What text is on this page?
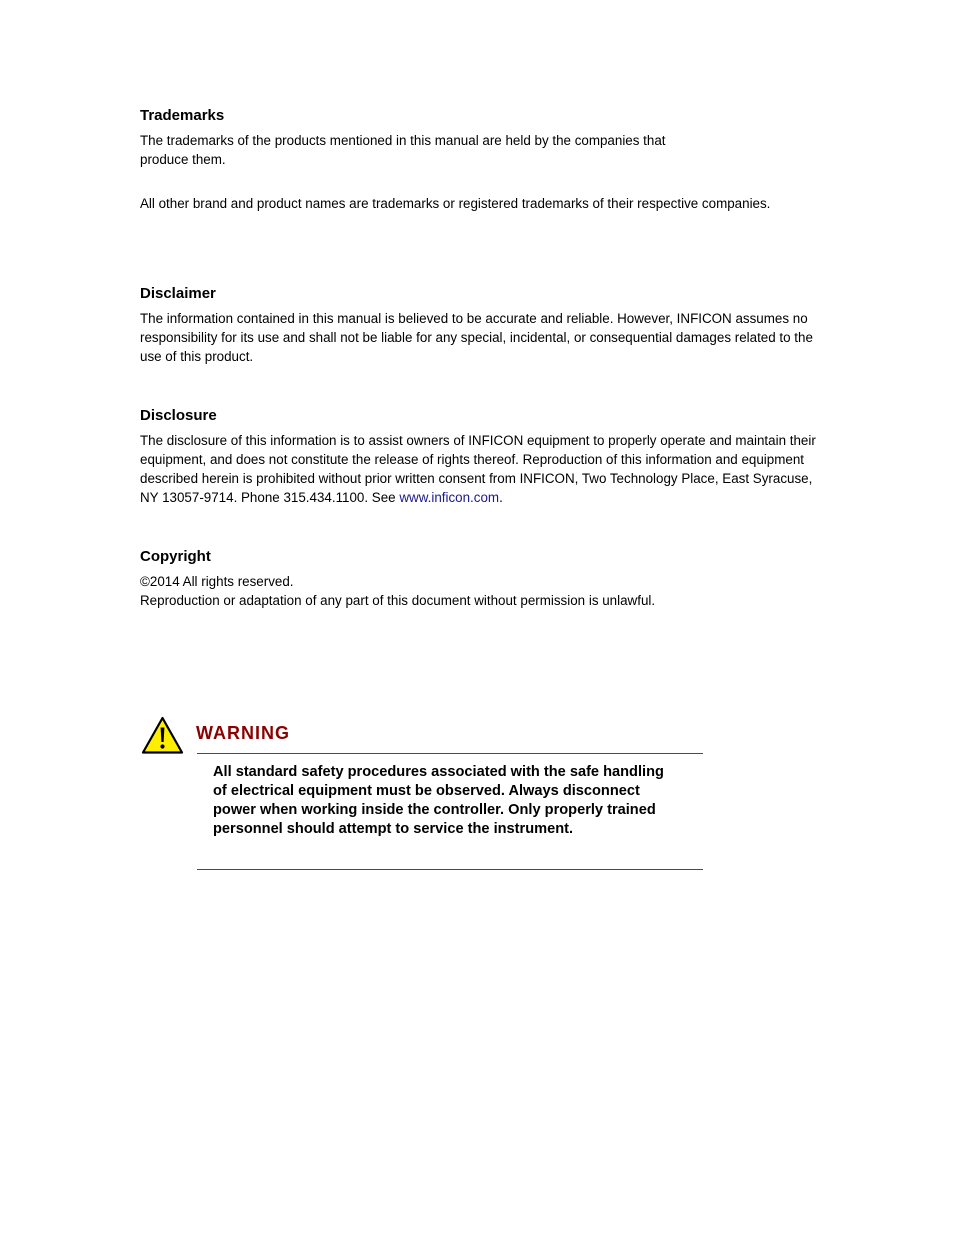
Trademarks

The trademarks of the products mentioned in this manual are held by the companies that produce them.

All other brand and product names are trademarks or registered trademarks of their respective companies.

Disclaimer

The information contained in this manual is believed to be accurate and reliable. However, INFICON assumes no responsibility for its use and shall not be liable for any special, incidental, or consequential damages related to the use of this product.

Disclosure

The disclosure of this information is to assist owners of INFICON equipment to properly operate and maintain their equipment, and does not constitute the release of rights thereof. Reproduction of this information and equipment described herein is prohibited without prior written consent from INFICON, Two Technology Place, East Syracuse, NY 13057-9714. Phone 315.434.1100. See www.inficon.com.

Copyright

©2014 All rights reserved.

Reproduction or adaptation of any part of this document without permission is unlawful.

WARNING

All standard safety procedures associated with the safe handling of electrical equipment must be observed. Always disconnect power when working inside the controller. Only properly trained personnel should attempt to service the instrument.
